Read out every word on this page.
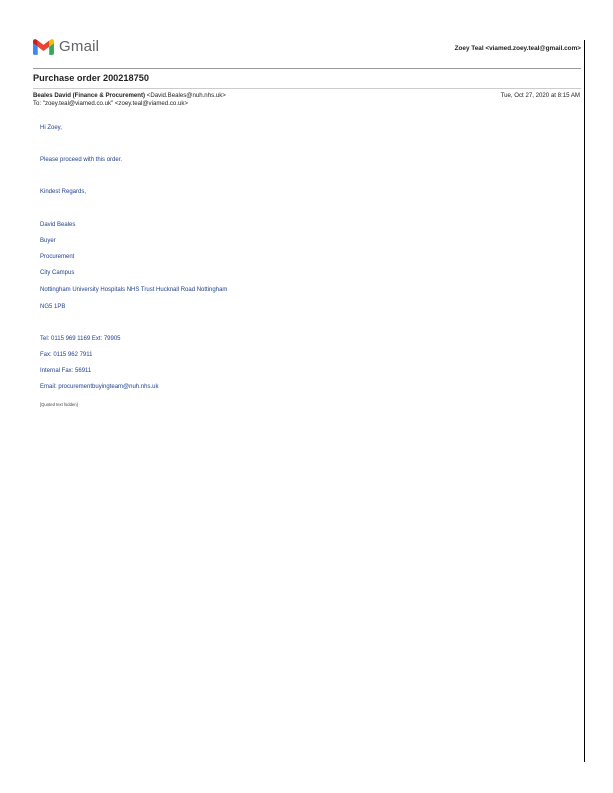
Gmail	Zoey Teal <viamed.zoey.teal@gmail.com>
Purchase order 200218750
Beales David (Finance & Procurement) <David.Beales@nuh.nhs.uk>	Tue, Oct 27, 2020 at 8:15 AM
To: "zoey.teal@viamed.co.uk" <zoey.teal@viamed.co.uk>
Hi Zoey,
Please proceed with this order.
Kindest Regards,
David Beales
Buyer
Procurement
City Campus
Nottingham University Hospitals NHS Trust Hucknall Road Nottingham
NG5 1PB
Tel: 0115 969 1169 Ext: 79905
Fax: 0115 962 7911
Internal Fax: 56911
Email: procurementbuyingteam@nuh.nhs.uk
[Quoted text hidden]
